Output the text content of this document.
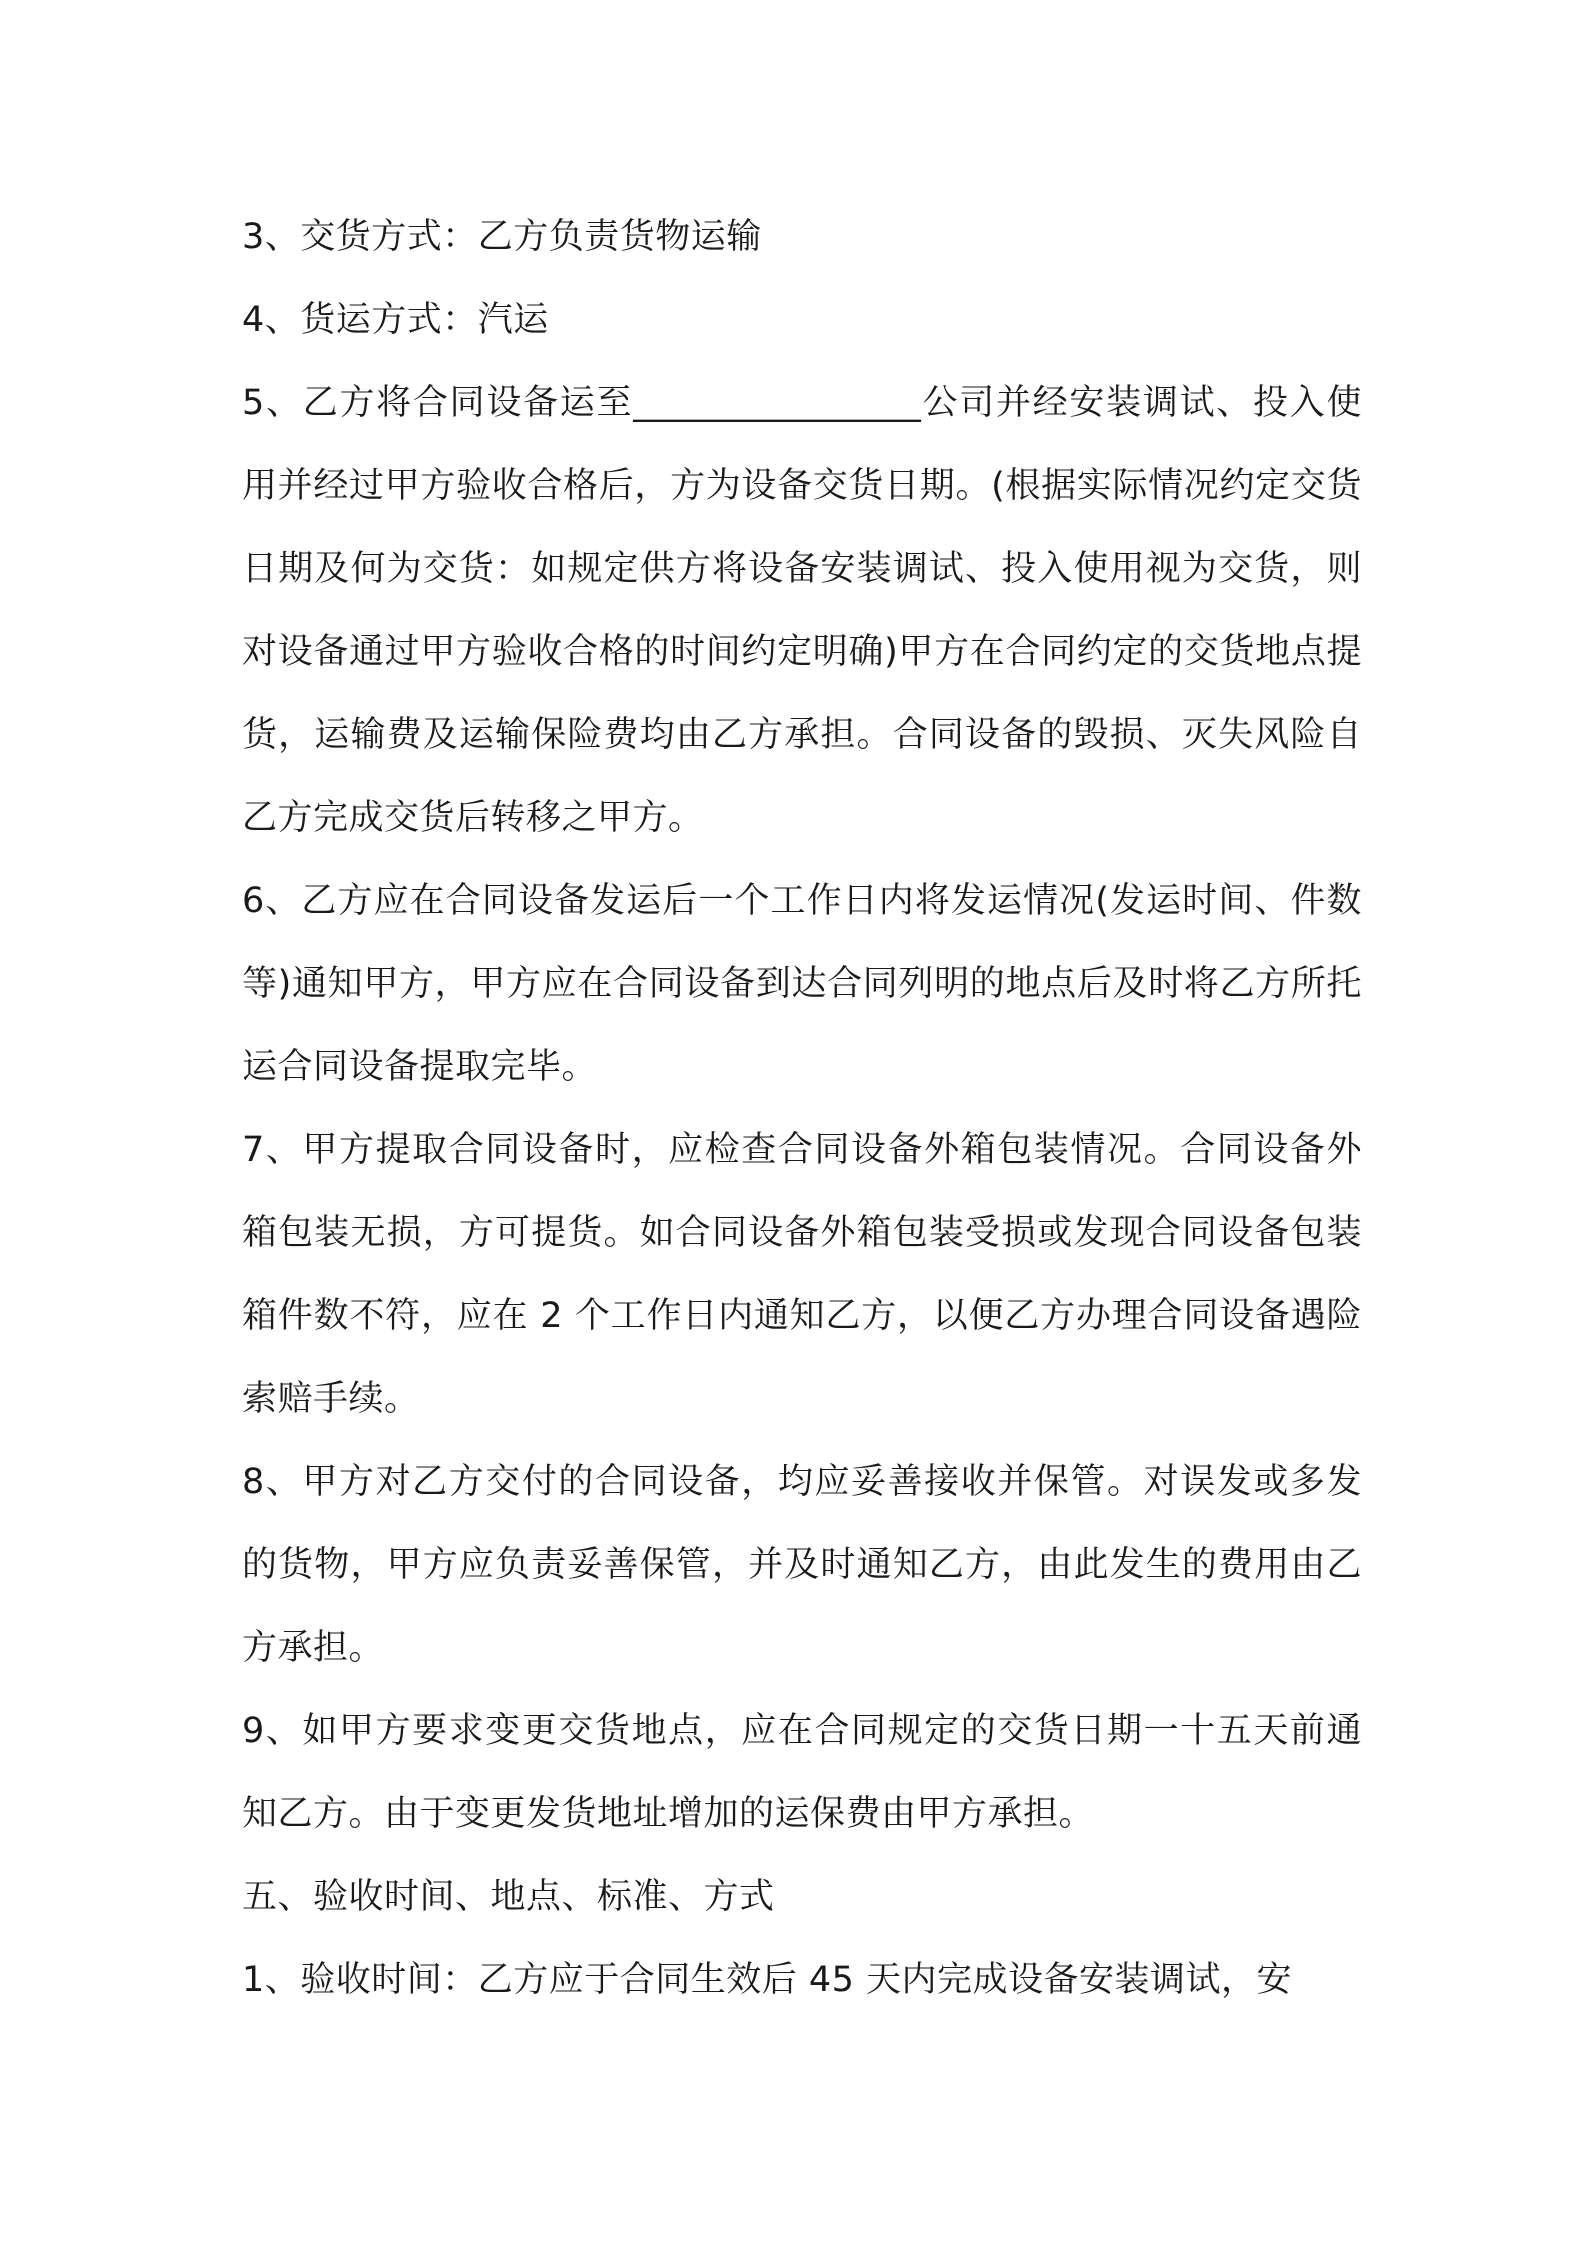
3、交货方式：乙方负责货物运输

4、货运方式：汽运

5、乙方将合同设备运至________________公司并经安装调试、投入使用并经过甲方验收合格后，方为设备交货日期。(根据实际情况约定交货日期及何为交货：如规定供方将设备安装调试、投入使用视为交货，则对设备通过甲方验收合格的时间约定明确)甲方在合同约定的交货地点提货，运输费及运输保险费均由乙方承担。合同设备的毁损、灭失风险自乙方完成交货后转移之甲方。

6、乙方应在合同设备发运后一个工作日内将发运情况(发运时间、件数等)通知甲方，甲方应在合同设备到达合同列明的地点后及时将乙方所托运合同设备提取完毕。

7、甲方提取合同设备时，应检查合同设备外箱包装情况。合同设备外箱包装无损，方可提货。如合同设备外箱包装受损或发现合同设备包装箱件数不符，应在 2 个工作日内通知乙方，以便乙方办理合同设备遇险索赔手续。

8、甲方对乙方交付的合同设备，均应妥善接收并保管。对误发或多发的货物，甲方应负责妥善保管，并及时通知乙方，由此发生的费用由乙方承担。

9、如甲方要求变更交货地点，应在合同规定的交货日期一十五天前通知乙方。由于变更发货地址增加的运保费由甲方承担。

五、验收时间、地点、标准、方式

1、验收时间：乙方应于合同生效后 45 天内完成设备安装调试，安
